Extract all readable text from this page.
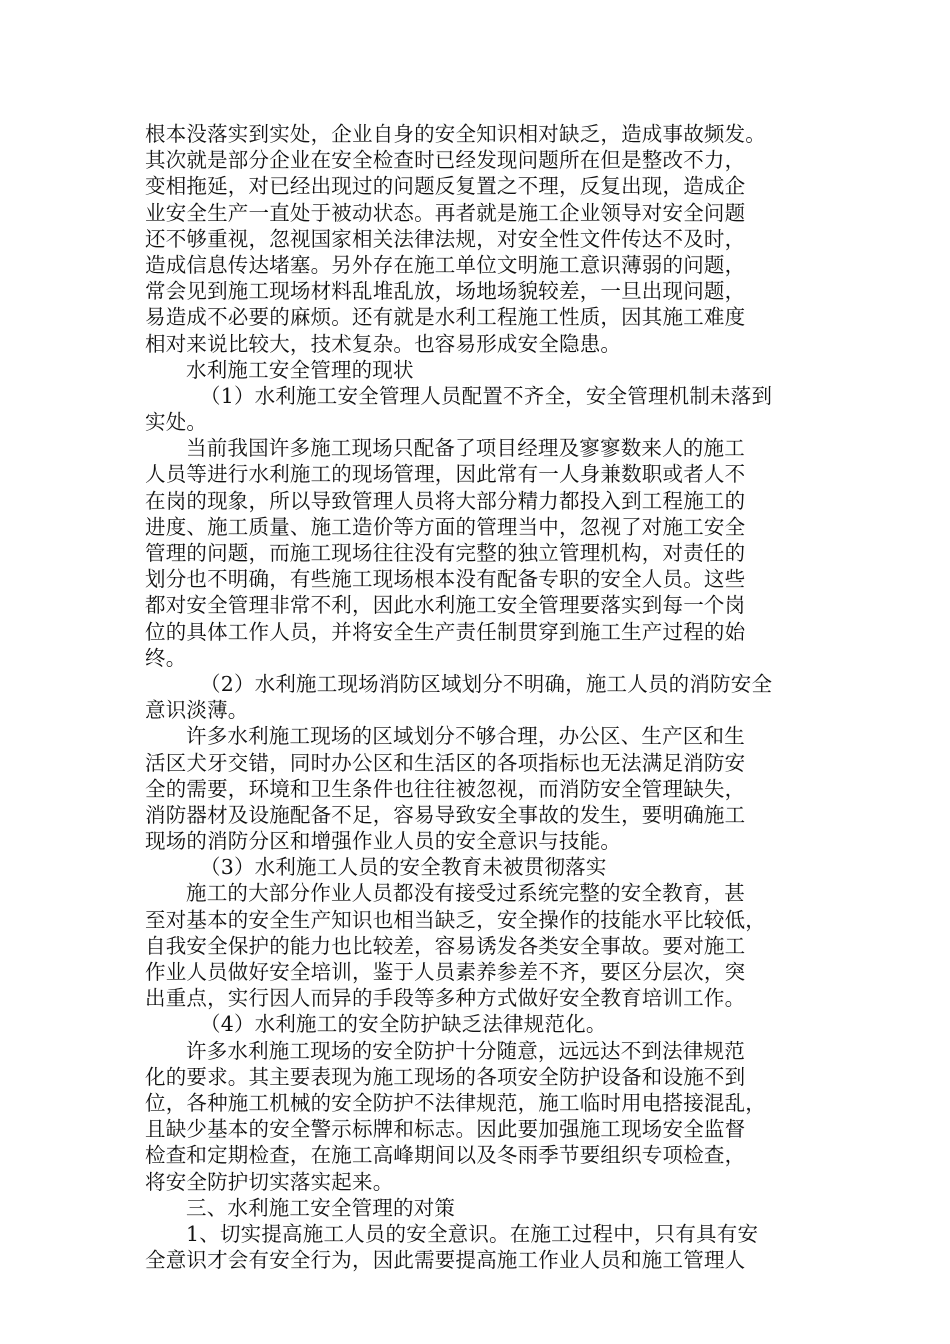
根本没落实到实处，企业自身的安全知识相对缺乏，造成事故频发。
其次就是部分企业在安全检查时已经发现问题所在但是整改不力，
变相拖延，对已经出现过的问题反复置之不理，反复出现，造成企
业安全生产一直处于被动状态。再者就是施工企业领导对安全问题
还不够重视，忽视国家相关法律法规，对安全性文件传达不及时，
造成信息传达堵塞。另外存在施工单位文明施工意识薄弱的问题，
常会见到施工现场材料乱堆乱放，场地场貌较差，一旦出现问题，
易造成不必要的麻烦。还有就是水利工程施工性质，因其施工难度
相对来说比较大，技术复杂。也容易形成安全隐患。
水利施工安全管理的现状
（1）水利施工安全管理人员配置不齐全，安全管理机制未落到
实处。
当前我国许多施工现场只配备了项目经理及寥寥数来人的施工
人员等进行水利施工的现场管理，因此常有一人身兼数职或者人不
在岗的现象，所以导致管理人员将大部分精力都投入到工程施工的
进度、施工质量、施工造价等方面的管理当中，忽视了对施工安全
管理的问题，而施工现场往往没有完整的独立管理机构，对责任的
划分也不明确，有些施工现场根本没有配备专职的安全人员。这些
都对安全管理非常不利，因此水利施工安全管理要落实到每一个岗
位的具体工作人员，并将安全生产责任制贯穿到施工生产过程的始
终。
（2）水利施工现场消防区域划分不明确，施工人员的消防安全
意识淡薄。
许多水利施工现场的区域划分不够合理，办公区、生产区和生
活区犬牙交错，同时办公区和生活区的各项指标也无法满足消防安
全的需要，环境和卫生条件也往往被忽视，而消防安全管理缺失，
消防器材及设施配备不足，容易导致安全事故的发生，要明确施工
现场的消防分区和增强作业人员的安全意识与技能。
（3）水利施工人员的安全教育未被贯彻落实
施工的大部分作业人员都没有接受过系统完整的安全教育，甚
至对基本的安全生产知识也相当缺乏，安全操作的技能水平比较低，
自我安全保护的能力也比较差，容易诱发各类安全事故。要对施工
作业人员做好安全培训，鉴于人员素养参差不齐，要区分层次，突
出重点，实行因人而异的手段等多种方式做好安全教育培训工作。
（4）水利施工的安全防护缺乏法律规范化。
许多水利施工现场的安全防护十分随意，远远达不到法律规范
化的要求。其主要表现为施工现场的各项安全防护设备和设施不到
位，各种施工机械的安全防护不法律规范，施工临时用电搭接混乱，
且缺少基本的安全警示标牌和标志。因此要加强施工现场安全监督
检查和定期检查，在施工高峰期间以及冬雨季节要组织专项检查，
将安全防护切实落实起来。
三、水利施工安全管理的对策
1、切实提高施工人员的安全意识。在施工过程中，只有具有安
全意识才会有安全行为，因此需要提高施工作业人员和施工管理人
